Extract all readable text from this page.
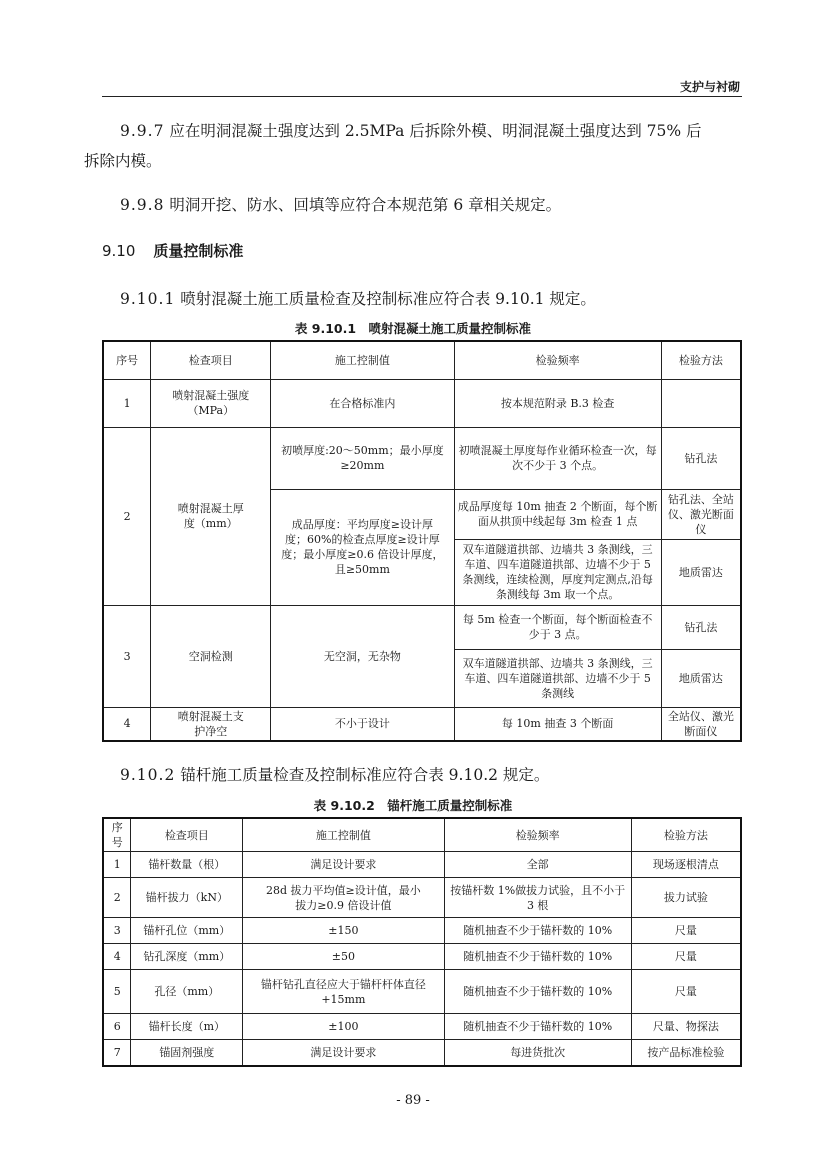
支护与衬砌
9.9.7 应在明洞混凝土强度达到 2.5MPa 后拆除外模、明洞混凝土强度达到 75% 后
拆除内模。
9.9.8 明洞开挖、防水、回填等应符合本规范第 6 章相关规定。
9.10 质量控制标准
9.10.1 喷射混凝土施工质量检查及控制标准应符合表 9.10.1 规定。
表 9.10.1　喷射混凝土施工质量控制标准
序号	检查项目	施工控制值	检验频率	检验方法
1	喷射混凝土强度（MPa）	在合格标准内	按本规范附录 B.3 检查	
2	喷射混凝土厚度（mm）	初喷厚度:20～50mm；最小厚度≥20mm	初喷混凝土厚度每作业循环检查一次，每次不少于 3 个点。	钻孔法
		成品厚度：平均厚度≥设计厚度；60%的检查点厚度≥设计厚度；最小厚度≥0.6 倍设计厚度，且≥50mm	成品厚度每 10m 抽查 2 个断面，每个断面从拱顶中线起每 3m 检查 1 点	钻孔法、全站仪、激光断面仪
			双车道隧道拱部、边墙共 3 条测线，三车道、四车道隧道拱部、边墙不少于 5 条测线，连续检测，厚度判定测点,沿每条测线每 3m 取一个点。	地质雷达
3	空洞检测	无空洞，无杂物	每 5m 检查一个断面，每个断面检查不少于 3 点。	钻孔法
			双车道隧道拱部、边墙共 3 条测线，三车道、四车道隧道拱部、边墙不少于 5 条测线	地质雷达
4	喷射混凝土支护净空	不小于设计	每 10m 抽查 3 个断面	全站仪、激光断面仪
9.10.2 锚杆施工质量检查及控制标准应符合表 9.10.2 规定。
表 9.10.2　锚杆施工质量控制标准
序号	检查项目	施工控制值	检验频率	检验方法
1	锚杆数量（根）	满足设计要求	全部	现场逐根清点
2	锚杆拔力（kN）	28d 拔力平均值≥设计值，最小拔力≥0.9 倍设计值	按锚杆数 1%做拔力试验，且不小于 3 根	拔力试验
3	锚杆孔位（mm）	±150	随机抽查不少于锚杆数的 10%	尺量
4	钻孔深度（mm）	±50	随机抽查不少于锚杆数的 10%	尺量
5	孔径（mm）	锚杆钻孔直径应大于锚杆杆体直径+15mm	随机抽查不少于锚杆数的 10%	尺量
6	锚杆长度（m）	±100	随机抽查不少于锚杆数的 10%	尺量、物探法
7	锚固剂强度	满足设计要求	每进货批次	按产品标准检验
- 89 -
